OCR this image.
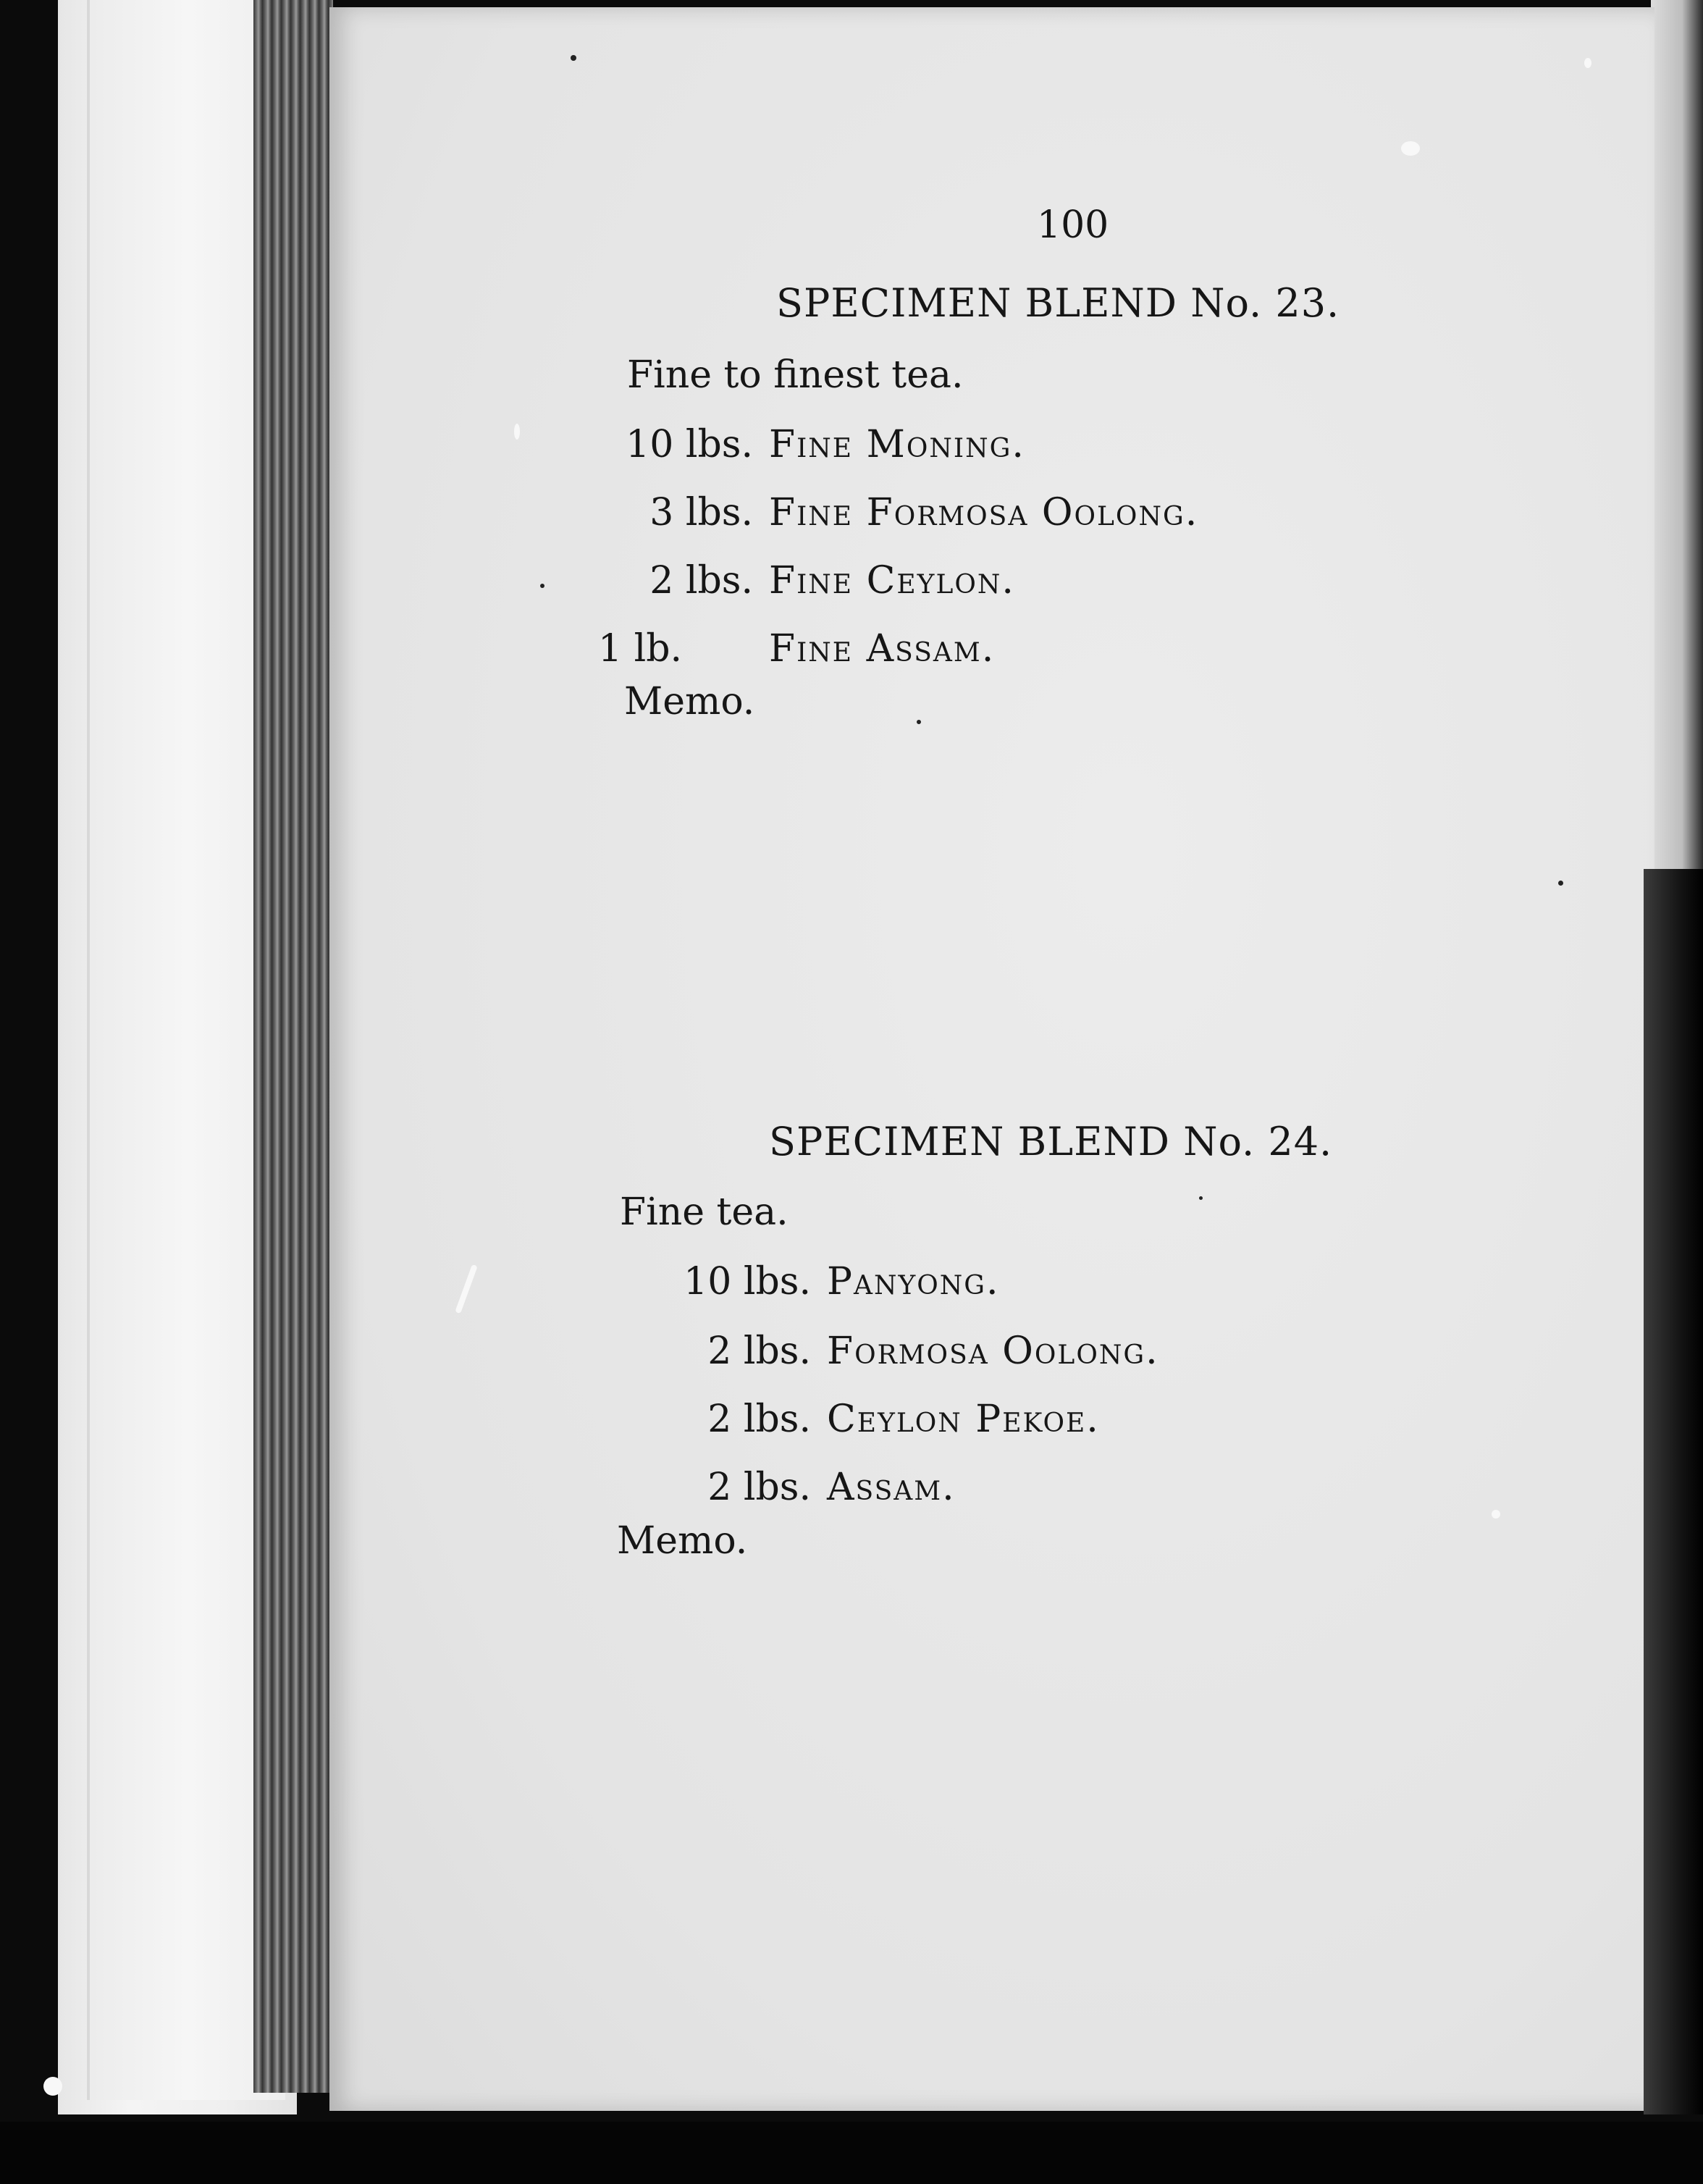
100
SPECIMEN BLEND No. 23.
Fine to finest tea.
10 lbs. Fine Moning.
3 lbs. Fine Formosa Oolong.
2 lbs. Fine Ceylon.
1 lb.Fine Assam.
Memo.
SPECIMEN BLEND No. 24.
Fine tea.
10 lbs. Panyong.
2 lbs. Formosa Oolong.
2 lbs. Ceylon Pekoe.
2 lbs. Assam.
Memo.
